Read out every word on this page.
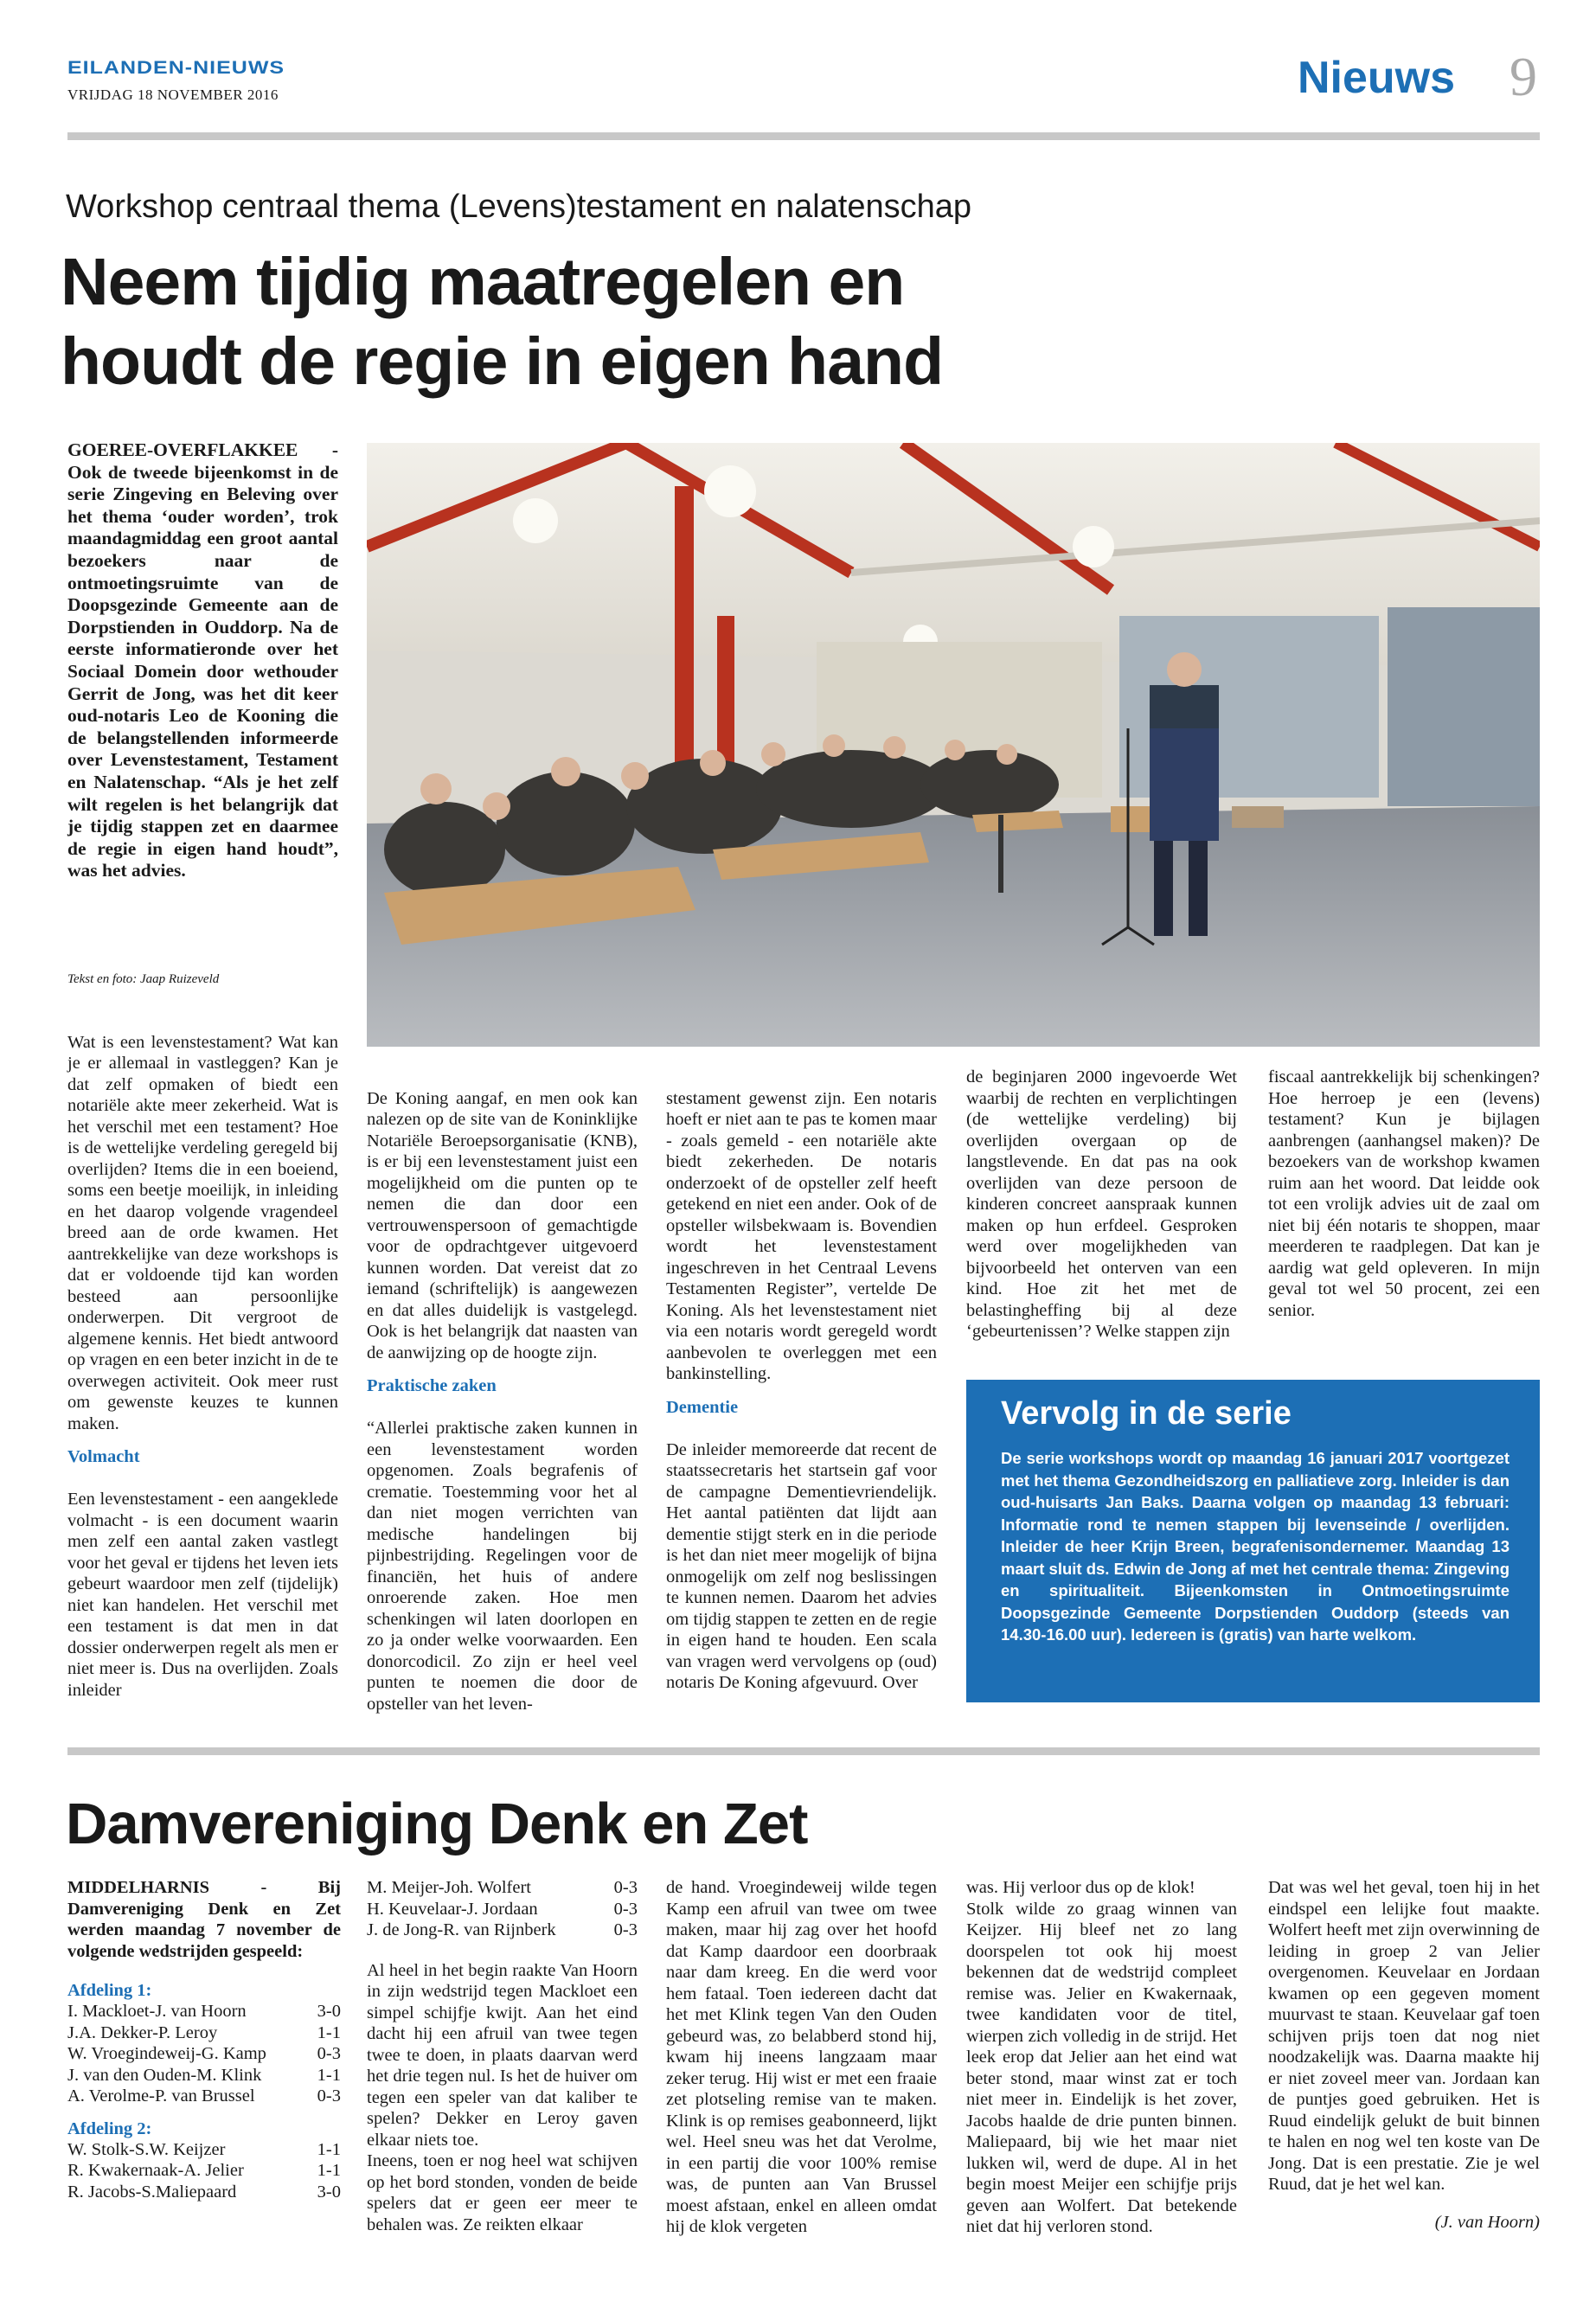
EILANDEN-NIEUWS
VRIJDAG 18 NOVEMBER 2016	Nieuws 9
Workshop centraal thema (Levens)testament en nalatenschap
Neem tijdig maatregelen en
houdt de regie in eigen hand
GOEREE-OVERFLAKKEE - Ook de tweede bijeenkomst in de serie Zingeving en Beleving over het thema ‘ouder worden’, trok maandagmiddag een groot aantal bezoekers naar de ontmoetingsruimte van de Doopsgezinde Gemeente aan de Dorpstienden in Ouddorp. Na de eerste informatieronde over het Sociaal Domein door wethouder Gerrit de Jong, was het dit keer oud-notaris Leo de Kooning die de belangstellenden informeerde over Levenstestament, Testament en Nalatenschap. “Als je het zelf wilt regelen is het belangrijk dat je tijdig stappen zet en daarmee de regie in eigen hand houdt”, was het advies.
Tekst en foto: Jaap Ruizeveld

Wat is een levenstestament? Wat kan je er allemaal in vastleggen? Kan je dat zelf opmaken of biedt een notariële akte meer zekerheid. Wat is het verschil met een testament? Hoe is de wettelijke verdeling geregeld bij overlijden? Items die in een boeiend, soms een beetje moeilijk, in inleiding en het daarop volgende vragendeel breed aan de orde kwamen. Het aantrekkelijke van deze workshops is dat er voldoende tijd kan worden besteed aan persoonlijke onderwerpen. Dit vergroot de algemene kennis. Het biedt antwoord op vragen en een beter inzicht in de te overwegen activiteit. Ook meer rust om gewenste keuzes te kunnen maken.

Volmacht

Een levenstestament - een aangeklede volmacht - is een document waarin men zelf een aantal zaken vastlegt voor het geval er tijdens het leven iets gebeurt waardoor men zelf (tijdelijk) niet kan handelen. Het verschil met een testament is dat men in dat dossier onderwerpen regelt als men er niet meer is. Dus na overlijden. Zoals inleider

De Koning aangaf, en men ook kan nalezen op de site van de Koninklijke Notariële Beroepsorganisatie (KNB), is er bij een levenstestament juist een mogelijkheid om die punten op te nemen die dan door een vertrouwenspersoon of gemachtigde voor de opdrachtgever uitgevoerd kunnen worden. Dat vereist dat zo iemand (schriftelijk) is aangewezen en dat alles duidelijk is vastgelegd. Ook is het belangrijk dat naasten van de aanwijzing op de hoogte zijn.

Praktische zaken

“Allerlei praktische zaken kunnen in een levenstestament worden opgenomen. Zoals begrafenis of crematie. Toestemming voor het al dan niet mogen verrichten van medische handelingen bij pijnbestrijding. Regelingen voor de financiën, het huis of andere onroerende zaken. Hoe men schenkingen wil laten doorlopen en zo ja onder welke voorwaarden. Een donorcodicil. Zo zijn er heel veel punten te noemen die door de opsteller van het leven-

stestament gewenst zijn. Een notaris hoeft er niet aan te pas te komen maar - zoals gemeld - een notariële akte biedt zekerheden. De notaris onderzoekt of de opsteller zelf heeft getekend en niet een ander. Ook of de opsteller wilsbekwaam is. Bovendien wordt het levenstestament ingeschreven in het Centraal Levens Testamenten Register”, vertelde De Koning. Als het levenstestament niet via een notaris wordt geregeld wordt aanbevolen te overleggen met een bankinstelling.

Dementie

De inleider memoreerde dat recent de staatssecretaris het startsein gaf voor de campagne Dementievriendelijk. Het aantal patiënten dat lijdt aan dementie stijgt sterk en in die periode is het dan niet meer mogelijk of bijna onmogelijk om zelf nog beslissingen te kunnen nemen. Daarom het advies om tijdig stappen te zetten en de regie in eigen hand te houden. Een scala van vragen werd vervolgens op (oud) notaris De Koning afgevuurd. Over

de beginjaren 2000 ingevoerde Wet waarbij de rechten en verplichtingen (de wettelijke verdeling) bij overlijden overgaan op de langstlevende. En dat pas na ook overlijden van deze persoon de kinderen concreet aanspraak kunnen maken op hun erfdeel. Gesproken werd over mogelijkheden van bijvoorbeeld het onterven van een kind. Hoe zit het met de belastingheffing bij al deze ‘gebeurtenissen’? Welke stappen zijn
fiscaal aantrekkelijk bij schenkingen? Hoe herroep je een (levens) testament? Kun je bijlagen aanbrengen (aanhangsel maken)? De bezoekers van de workshop kwamen ruim aan het woord. Dat leidde ook tot een vrolijk advies uit de zaal om niet bij één notaris te shoppen, maar meerderen te raadplegen. Dat kan je aardig wat geld opleveren. In mijn geval tot wel 50 procent, zei een senior.
Vervolg in de serie
De serie workshops wordt op maandag 16 januari 2017 voortgezet met het thema Gezondheidszorg en palliatieve zorg. Inleider is dan oud-huisarts Jan Baks. Daarna volgen op maandag 13 februari: Informatie rond te nemen stappen bij levenseinde / overlijden. Inleider de heer Krijn Breen, begrafenisondernemer. Maandag 13 maart sluit ds. Edwin de Jong af met het centrale thema: Zingeving en spiritualiteit. Bijeenkomsten in Ontmoetingsruimte Doopsgezinde Gemeente Dorpstienden Ouddorp (steeds van 14.30-16.00 uur). Iedereen is (gratis) van harte welkom.
Damvereniging Denk en Zet
MIDDELHARNIS - Bij Damvereniging Denk en Zet werden maandag 7 november de volgende wedstrijden gespeeld:
Afdeling 1:
I. Mackloet-J. van Hoorn	3-0
J.A. Dekker-P. Leroy	1-1
W. Vroegindeweij-G. Kamp	0-3
J. van den Ouden-M. Klink	1-1
A. Verolme-P. van Brussel	0-3
Afdeling 2:
W. Stolk-S.W. Keijzer	1-1
R. Kwakernaak-A. Jelier	1-1
R. Jacobs-S.Maliepaard	3-0
M. Meijer-Joh. Wolfert	0-3
H. Keuvelaar-J. Jordaan	0-3
J. de Jong-R. van Rijnberk	0-3
Al heel in het begin raakte Van Hoorn in zijn wedstrijd tegen Mackloet een simpel schijfje kwijt. Aan het eind dacht hij een afruil van twee tegen twee te doen, in plaats daarvan werd het drie tegen nul. Is het de huiver om tegen een speler van dat kaliber te spelen? Dekker en Leroy gaven elkaar niets toe.
Ineens, toen er nog heel wat schijven op het bord stonden, vonden de beide spelers dat er geen eer meer te behalen was. Ze reikten elkaar
de hand. Vroegindeweij wilde tegen Kamp een afruil van twee om twee maken, maar hij zag over het hoofd dat Kamp daardoor een doorbraak naar dam kreeg. En die werd voor hem fataal. Toen iedereen dacht dat het met Klink tegen Van den Ouden gebeurd was, zo belabberd stond hij, kwam hij ineens langzaam maar zeker terug. Hij wist er met een fraaie zet plotseling remise van te maken. Klink is op remises geabonneerd, lijkt wel. Heel sneu was het dat Verolme, in een partij die voor 100% remise was, de punten aan Van Brussel moest afstaan, enkel en alleen omdat hij de klok vergeten
was. Hij verloor dus op de klok!
Stolk wilde zo graag winnen van Keijzer. Hij bleef net zo lang doorspelen tot ook hij moest bekennen dat de wedstrijd compleet remise was. Jelier en Kwakernaak, twee kandidaten voor de titel, wierpen zich volledig in de strijd. Het leek erop dat Jelier aan het eind wat beter stond, maar winst zat er toch niet meer in. Eindelijk is het zover, Jacobs haalde de drie punten binnen. Maliepaard, bij wie het maar niet lukken wil, werd de dupe. Al in het begin moest Meijer een schijfje prijs geven aan Wolfert. Dat betekende niet dat hij verloren stond.
Dat was wel het geval, toen hij in het eindspel een lelijke fout maakte. Wolfert heeft met zijn overwinning de leiding in groep 2 van Jelier overgenomen. Keuvelaar en Jordaan kwamen op een gegeven moment muurvast te staan. Keuvelaar gaf toen schijven prijs toen dat nog niet noodzakelijk was. Daarna maakte hij er niet zoveel meer van. Jordaan kan de puntjes goed gebruiken. Het is Ruud eindelijk gelukt de buit binnen te halen en nog wel ten koste van De Jong. Dat is een prestatie. Zie je wel Ruud, dat je het wel kan.
(J. van Hoorn)
